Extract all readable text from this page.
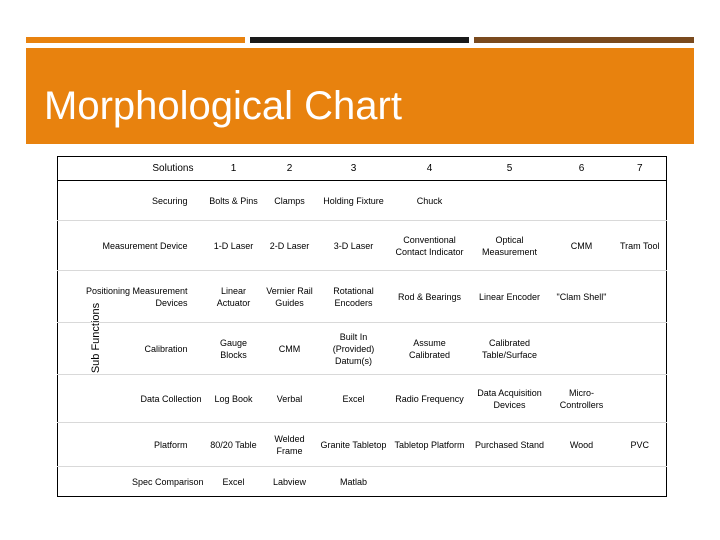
Morphological Chart
Sub Functions
Solutions	1	2	3	4	5	6	7
Securing	Bolts & Pins	Clamps	Holding Fixture	Chuck			
Measurement Device	1-D Laser	2-D Laser	3-D Laser	Conventional Contact Indicator	Optical Measurement	CMM	Tram Tool
Positioning Measurement Devices	Linear Actuator	Vernier Rail Guides	Rotational Encoders	Rod & Bearings	Linear Encoder	"Clam Shell"	
Calibration	Gauge Blocks	CMM	Built In (Provided) Datum(s)	Assume Calibrated	Calibrated Table/Surface		
Data Collection	Log Book	Verbal	Excel	Radio Frequency	Data Acquisition Devices	Micro-Controllers	
Platform	80/20 Table	Welded Frame	Granite Tabletop	Tabletop Platform	Purchased Stand	Wood	PVC
Spec Comparison	Excel	Labview	Matlab				
